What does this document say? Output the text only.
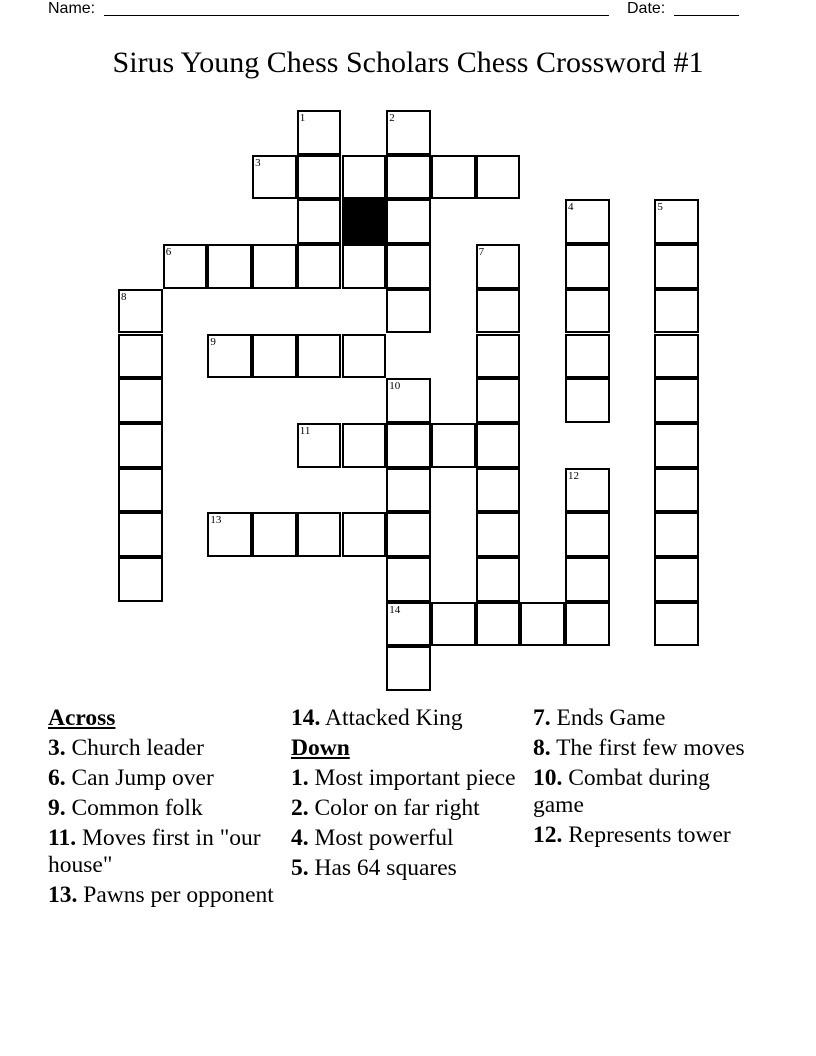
Name:	Date:
Sirus Young Chess Scholars Chess Crossword #1
1	2
3
4	5
6	7
8
9
10
11
12
13
14
Across
3. Church leader
6. Can Jump over
9. Common folk
11. Moves first in "our house"
13. Pawns per opponent
14. Attacked King
Down
1. Most important piece
2. Color on far right
4. Most powerful
5. Has 64 squares
7. Ends Game
8. The first few moves
10. Combat during game
12. Represents tower
